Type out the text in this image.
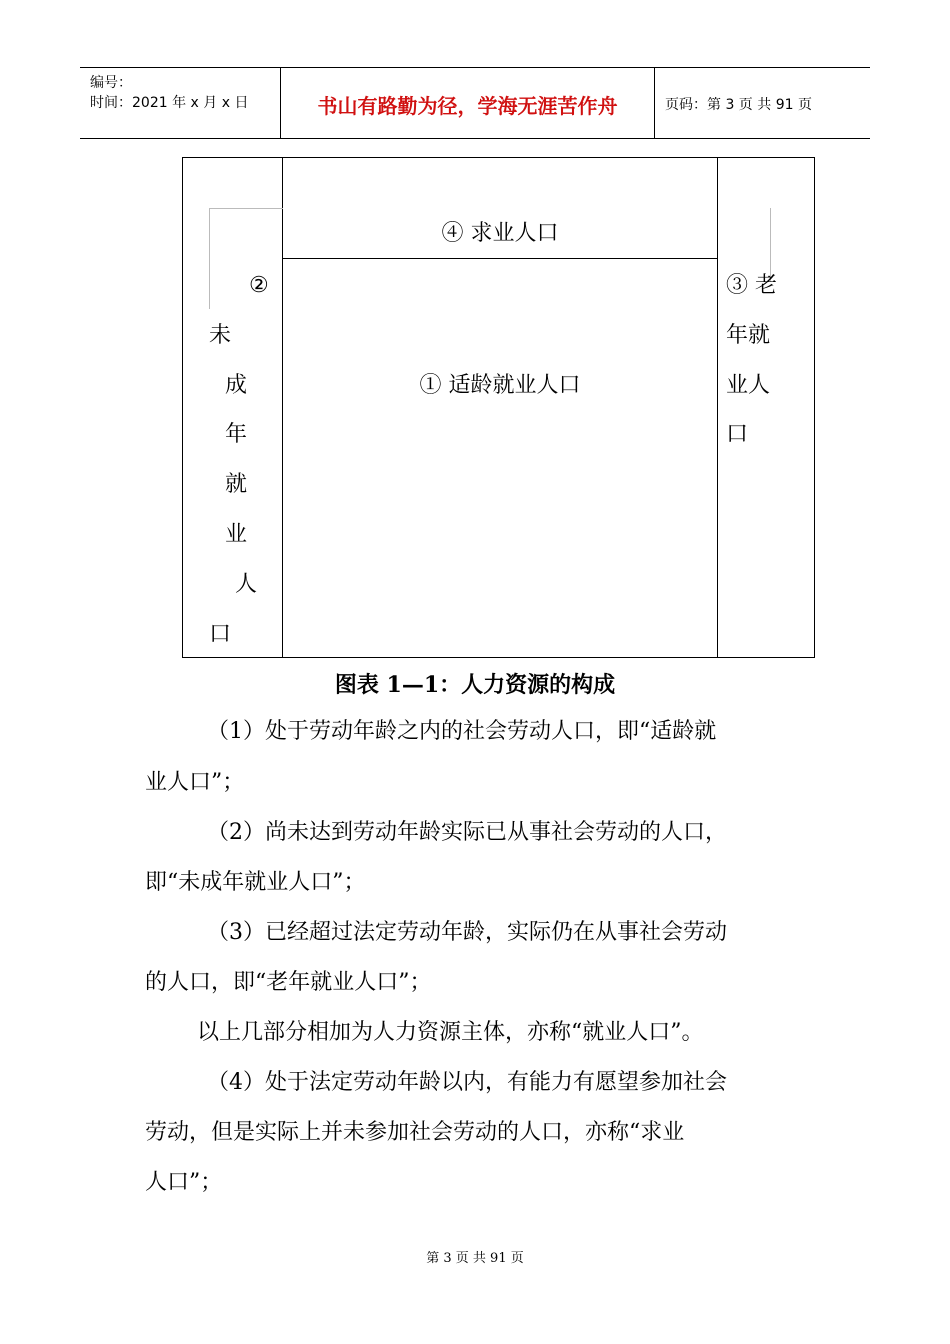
编号：
时间：2021 年 x 月 x 日	书山有路勤为径，学海无涯苦作舟	页码：第 3 页 共 91 页
④ 求业人口
① 适龄就业人口
②
未
成
年
就
业
人
口
③ 老
年就
业人
口
图表 1—1：人力资源的构成
（1）处于劳动年龄之内的社会劳动人口，即“适龄就
业人口”；
（2）尚未达到劳动年龄实际已从事社会劳动的人口，
即“未成年就业人口”；
（3）已经超过法定劳动年龄，实际仍在从事社会劳动
的人口，即“老年就业人口”；
以上几部分相加为人力资源主体，亦称“就业人口”。
（4）处于法定劳动年龄以内，有能力有愿望参加社会
劳动，但是实际上并未参加社会劳动的人口，亦称“求业
人口”；
第 3 页 共 91 页
